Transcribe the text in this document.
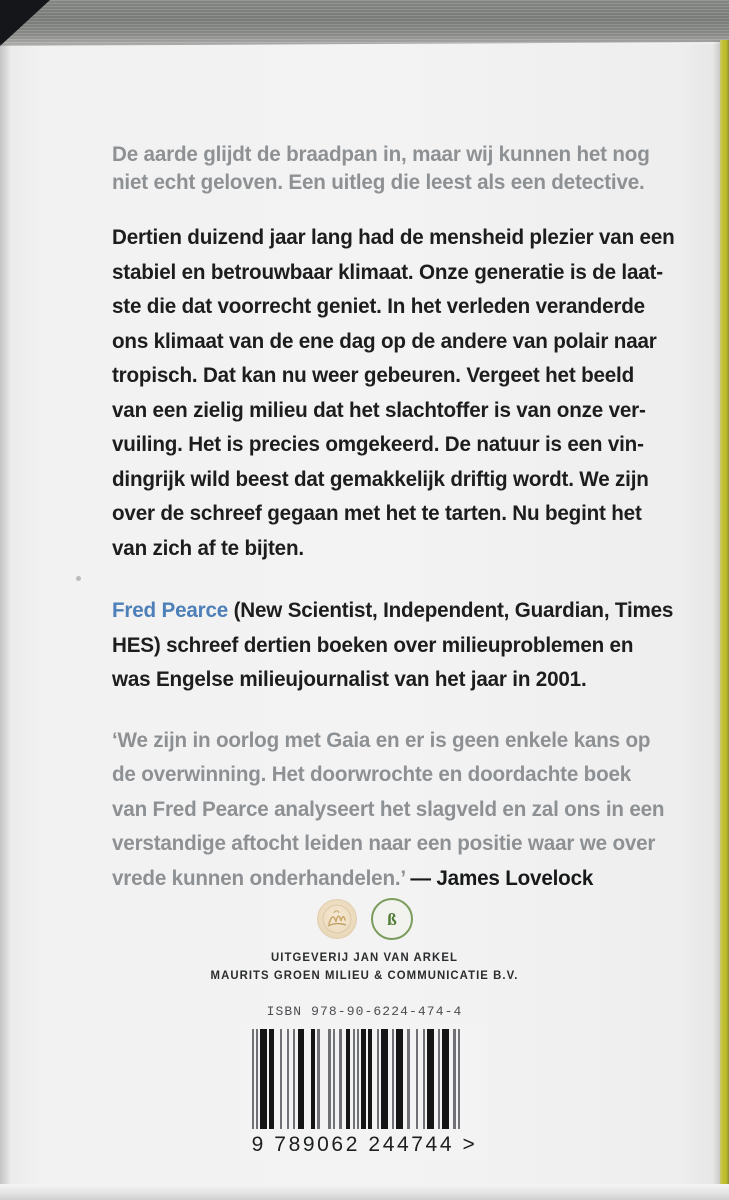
De aarde glijdt de braadpan in, maar wij kunnen het nog
niet echt geloven. Een uitleg die leest als een detective.

Dertien duizend jaar lang had de mensheid plezier van een
stabiel en betrouwbaar klimaat. Onze generatie is de laat-
ste die dat voorrecht geniet. In het verleden veranderde
ons klimaat van de ene dag op de andere van polair naar
tropisch. Dat kan nu weer gebeuren. Vergeet het beeld
van een zielig milieu dat het slachtoffer is van onze ver-
vuiling. Het is precies omgekeerd. De natuur is een vin-
dingrijk wild beest dat gemakkelijk driftig wordt. We zijn
over de schreef gegaan met het te tarten. Nu begint het
van zich af te bijten.

Fred Pearce (New Scientist, Independent, Guardian, Times
HES) schreef dertien boeken over milieuproblemen en
was Engelse milieujournalist van het jaar in 2001.

‘We zijn in oorlog met Gaia en er is geen enkele kans op
de overwinning. Het doorwrochte en doordachte boek
van Fred Pearce analyseert het slagveld en zal ons in een
verstandige aftocht leiden naar een positie waar we over
vrede kunnen onderhandelen.’ — James Lovelock

ß
UITGEVERIJ JAN VAN ARKEL
MAURITS GROEN MILIEU & COMMUNICATIE B.V.
ISBN 978-90-6224-474-4
9 789062 244744 >
